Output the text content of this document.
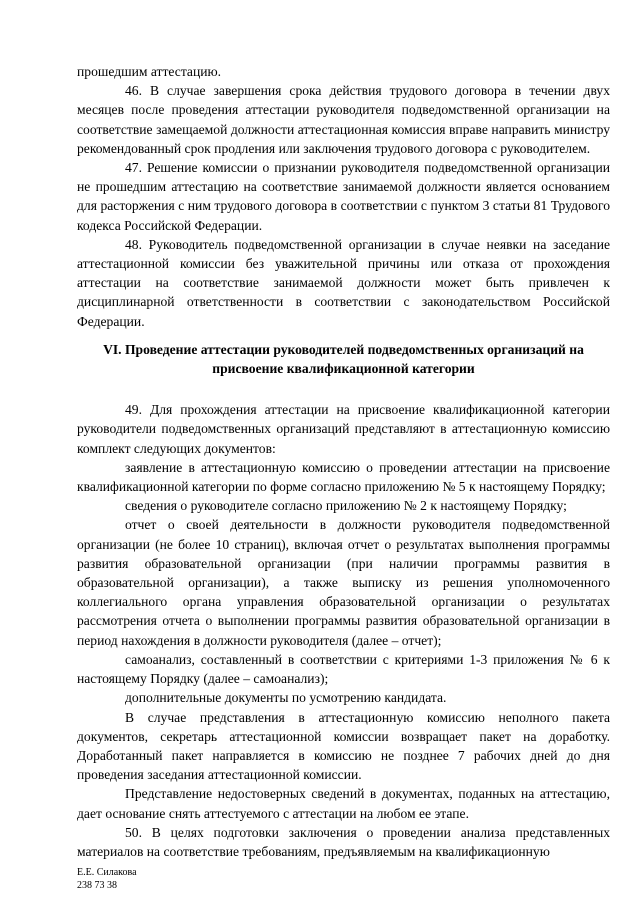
прошедшим аттестацию.

46. В случае завершения срока действия трудового договора в течении двух месяцев после проведения аттестации руководителя подведомственной организации на соответствие замещаемой должности аттестационная комиссия вправе направить министру рекомендованный срок продления или заключения трудового договора с руководителем.

47. Решение комиссии о признании руководителя подведомственной организации не прошедшим аттестацию на соответствие занимаемой должности является основанием для расторжения с ним трудового договора в соответствии с пунктом 3 статьи 81 Трудового кодекса Российской Федерации.

48. Руководитель подведомственной организации в случае неявки на заседание аттестационной комиссии без уважительной причины или отказа от прохождения аттестации на соответствие занимаемой должности может быть привлечен к дисциплинарной ответственности в соответствии с законодательством Российской Федерации.

VI. Проведение аттестации руководителей подведомственных организаций на присвоение квалификационной категории

49. Для прохождения аттестации на присвоение квалификационной категории руководители подведомственных организаций представляют в аттестационную комиссию комплект следующих документов:

заявление в аттестационную комиссию о проведении аттестации на присвоение квалификационной категории по форме согласно приложению № 5 к настоящему Порядку;

сведения о руководителе согласно приложению № 2 к настоящему Порядку;

отчет о своей деятельности в должности руководителя подведомственной организации (не более 10 страниц), включая отчет о результатах выполнения программы развития образовательной организации (при наличии программы развития в образовательной организации), а также выписку из решения уполномоченного коллегиального органа управления образовательной организации о результатах рассмотрения отчета о выполнении программы развития образовательной организации в период нахождения в должности руководителя (далее – отчет);

самоанализ, составленный в соответствии с критериями 1-3 приложения № 6 к настоящему Порядку (далее – самоанализ);

дополнительные документы по усмотрению кандидата.

В случае представления в аттестационную комиссию неполного пакета документов, секретарь аттестационной комиссии возвращает пакет на доработку. Доработанный пакет направляется в комиссию не позднее 7 рабочих дней до дня проведения заседания аттестационной комиссии.

Представление недостоверных сведений в документах, поданных на аттестацию, дает основание снять аттестуемого с аттестации на любом ее этапе.

50. В целях подготовки заключения о проведении анализа представленных материалов на соответствие требованиям, предъявляемым на квалификационную

Е.Е. Силакова
238 73 38
